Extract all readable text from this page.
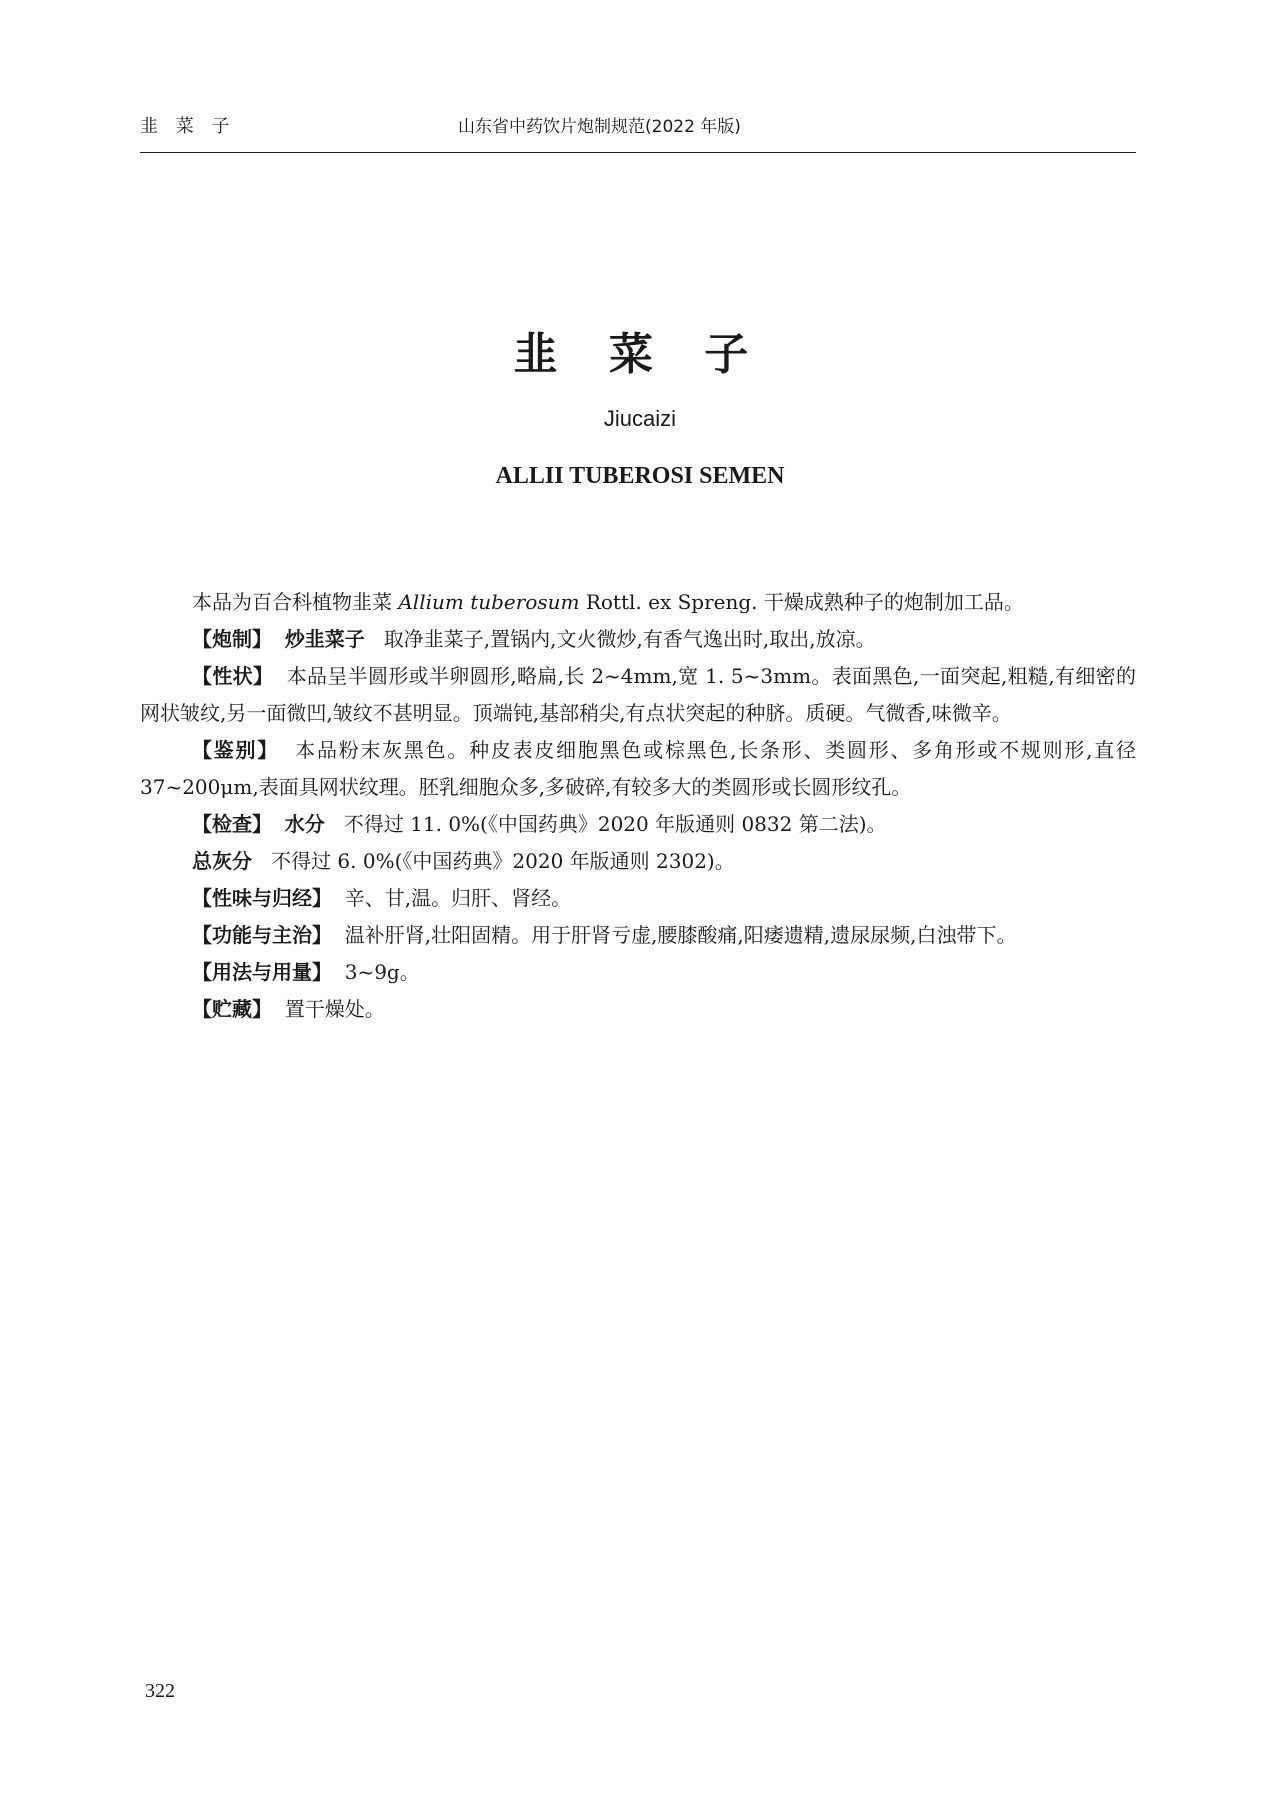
韭 菜 子	山东省中药饮片炮制规范(2022 年版)
韭 菜 子
Jiucaizi
ALLII TUBEROSI SEMEN

本品为百合科植物韭菜 Allium tuberosum Rottl. ex Spreng. 干燥成熟种子的炮制加工品。

【炮制】 炒韭菜子 取净韭菜子,置锅内,文火微炒,有香气逸出时,取出,放凉。

【性状】 本品呈半圆形或半卵圆形,略扁,长 2~4mm,宽 1. 5~3mm。表面黑色,一面突起,粗糙,有细密的网状皱纹,另一面微凹,皱纹不甚明显。顶端钝,基部稍尖,有点状突起的种脐。质硬。气微香,味微辛。

【鉴别】 本品粉末灰黑色。种皮表皮细胞黑色或棕黑色,长条形、类圆形、多角形或不规则形,直径 37~200μm,表面具网状纹理。胚乳细胞众多,多破碎,有较多大的类圆形或长圆形纹孔。

【检查】 水分 不得过 11. 0%(《中国药典》2020 年版通则 0832 第二法)。

总灰分 不得过 6. 0%(《中国药典》2020 年版通则 2302)。

【性味与归经】 辛、甘,温。归肝、肾经。

【功能与主治】 温补肝肾,壮阳固精。用于肝肾亏虚,腰膝酸痛,阳痿遗精,遗尿尿频,白浊带下。

【用法与用量】 3~9g。

【贮藏】 置干燥处。

322
